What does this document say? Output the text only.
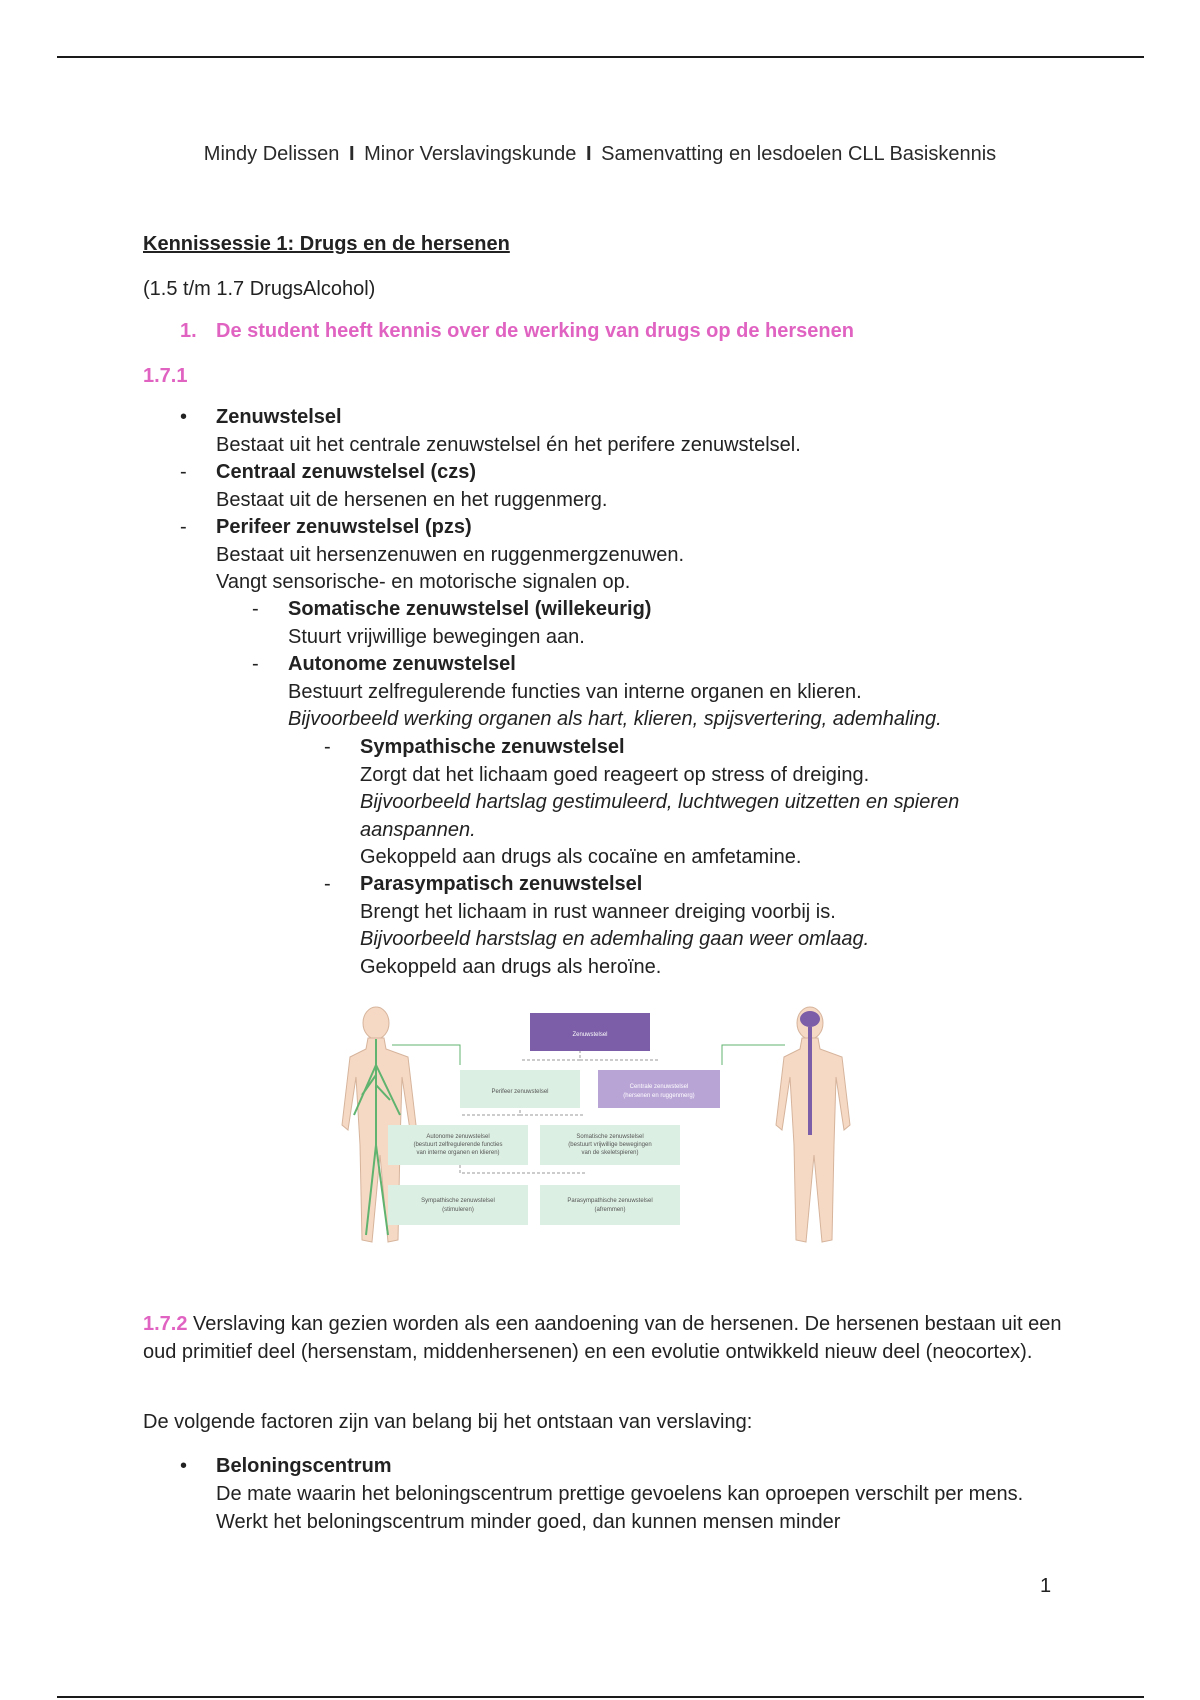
Mindy Delissen I Minor Verslavingskunde I Samenvatting en lesdoelen CLL Basiskennis
Kennissessie 1: Drugs en de hersenen
(1.5 t/m 1.7 DrugsAlcohol)
1. De student heeft kennis over de werking van drugs op de hersenen
1.7.1
• Zenuwstelsel
Bestaat uit het centrale zenuwstelsel én het perifere zenuwstelsel.
- Centraal zenuwstelsel (czs)
Bestaat uit de hersenen en het ruggenmerg.
- Perifeer zenuwstelsel (pzs)
Bestaat uit hersenzenuwen en ruggenmergzenuwen.
Vangt sensorische- en motorische signalen op.
- Somatische zenuwstelsel (willekeurig)
Stuurt vrijwillige bewegingen aan.
- Autonome zenuwstelsel
Bestuurt zelfregulerende functies van interne organen en klieren.
Bijvoorbeeld werking organen als hart, klieren, spijsvertering, ademhaling.
- Sympathische zenuwstelsel
Zorgt dat het lichaam goed reageert op stress of dreiging.
Bijvoorbeeld hartslag gestimuleerd, luchtwegen uitzetten en spieren aanspannen.
Gekoppeld aan drugs als cocaïne en amfetamine.
- Parasympatisch zenuwstelsel
Brengt het lichaam in rust wanneer dreiging voorbij is.
Bijvoorbeeld harstslag en ademhaling gaan weer omlaag.
Gekoppeld aan drugs als heroïne.
Zenuwstelsel
Perifeer zenuwstelsel
Centrale zenuwstelsel
(hersenen en ruggenmerg)
Autonome zenuwstelsel
(bestuurt zelfregulerende functies
van interne organen en klieren)
Somatische zenuwstelsel
(bestuurt vrijwillige bewegingen
van de skeletspieren)
Sympathische zenuwstelsel
(stimuleren)
Parasympathische zenuwstelsel
(afremmen)
1.7.2 Verslaving kan gezien worden als een aandoening van de hersenen. De hersenen bestaan uit een oud primitief deel (hersenstam, middenhersenen) en een evolutie ontwikkeld nieuw deel (neocortex).
De volgende factoren zijn van belang bij het ontstaan van verslaving:
• Beloningscentrum
De mate waarin het beloningscentrum prettige gevoelens kan oproepen verschilt per mens. Werkt het beloningscentrum minder goed, dan kunnen mensen minder
1
